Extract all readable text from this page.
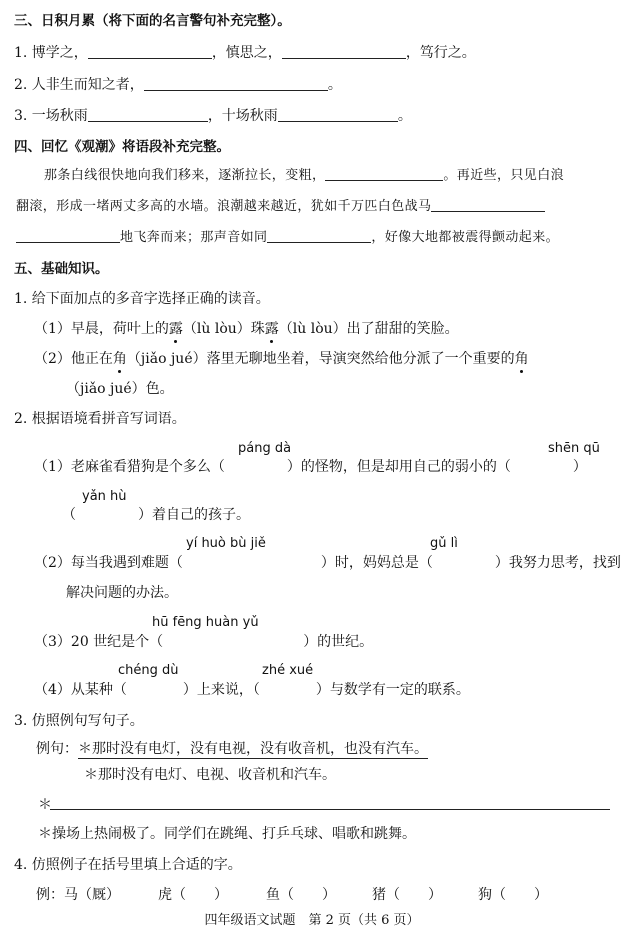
三、日积月累（将下面的名言警句补充完整）。
1. 博学之，	，慎思之，	，笃行之。
2. 人非生而知之者，	。
3. 一场秋雨	，十场秋雨	。
四、回忆《观潮》将语段补充完整。
那条白线很快地向我们移来，逐渐拉长，变粗，	。再近些，只见白浪
翻滚，形成一堵两丈多高的水墙。浪潮越来越近，犹如千万匹白色战马
地飞奔而来；那声音如同	，好像大地都被震得颤动起来。
五、基础知识。
1. 给下面加点的多音字选择正确的读音。
（1）早晨，荷叶上的露（lù lòu）珠露（lù lòu）出了甜甜的笑脸。
（2）他正在角（jiǎo jué）落里无聊地坐着，导演突然给他分派了一个重要的角
（jiǎo jué）色。
2. 根据语境看拼音写词语。
páng dà	shēn qū
（1）老麻雀看猎狗是个多么（	）的怪物，但是却用自己的弱小的（	）
yǎn hù
（	）着自己的孩子。
yí huò bù jiě	gǔ lì
（2）每当我遇到难题（	）时，妈妈总是（	）我努力思考，找到
解决问题的办法。
hū fēng huàn yǔ
（3）20 世纪是个（	）的世纪。
chéng dù	zhé xué
（4）从某种（	）上来说，（	）与数学有一定的联系。
3. 仿照例句写句子。
例句：＊那时没有电灯，没有电视，没有收音机，也没有汽车。
＊那时没有电灯、电视、收音机和汽车。
＊
＊操场上热闹极了。同学们在跳绳、打乒乓球、唱歌和跳舞。
4. 仿照例子在括号里填上合适的字。
例：马（厩）	虎（　　）	鱼（　　）	猪（　　）	狗（　　）
四年级语文试题　第 2 页（共 6 页）
